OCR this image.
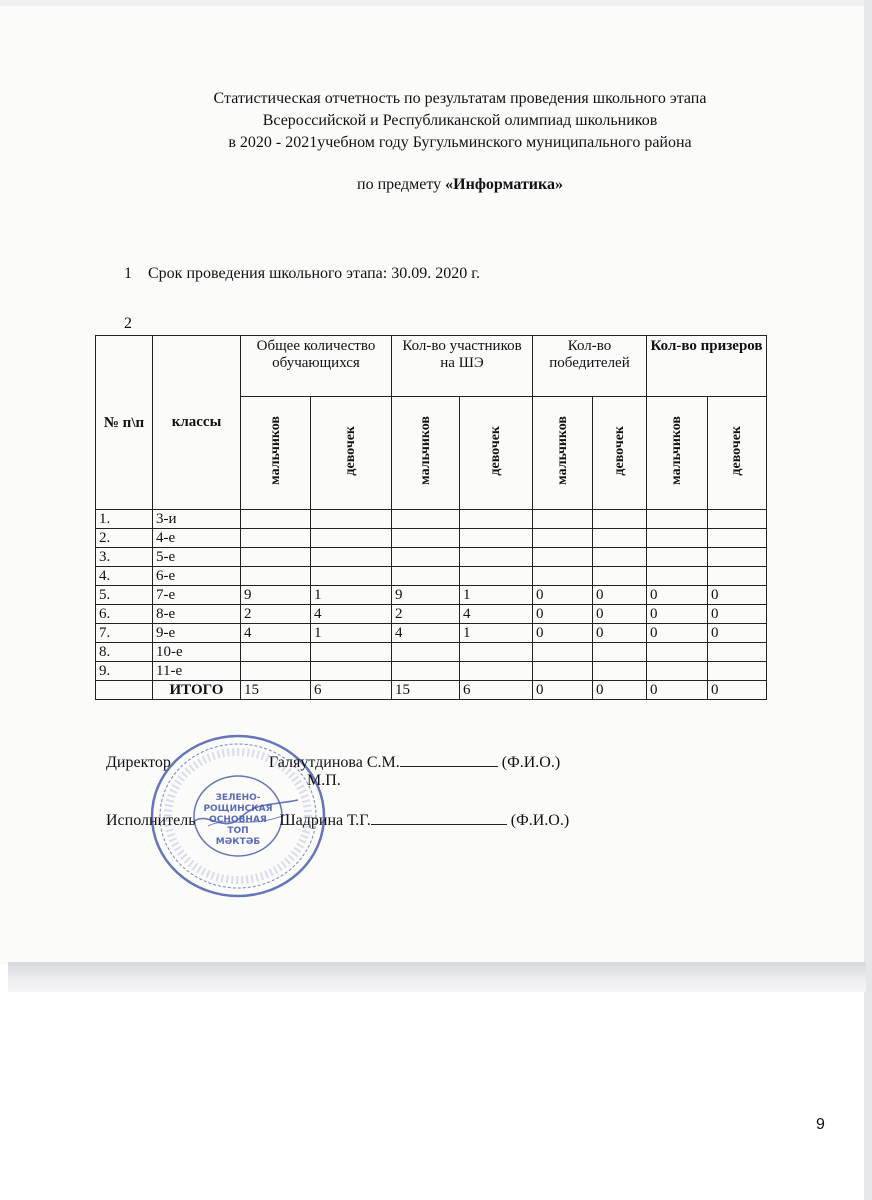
Статистическая отчетность по результатам проведения школьного этапа
Всероссийской и Республиканской олимпиад школьников
в 2020 - 2021учебном году Бугульминского муниципального района
по предмету «Информатика»
1 Срок проведения школьного этапа: 30.09. 2020 г.
2
№ п\п	классы	Общее количество обучающихся		Кол-во участников на ШЭ		Кол-во победителей		Кол-во призеров	
		мальчиков	девочек	мальчиков	девочек	мальчиков	девочек	мальчиков	девочек
1.	3-и								
2.	4-е								
3.	5-е								
4.	6-е								
5.	7-е	9	1	9	1	0	0	0	0
6.	8-е	2	4	2	4	0	0	0	0
7.	9-е	4	1	4	1	0	0	0	0
8.	10-е								
9.	11-е								
	ИТОГО	15	6	15	6	0	0	0	0
ЗЕЛЕНО-
РОЩИНСКАЯ
ОСНОВНАЯ
ТОП
МӘКТӘБ
Директор	Галяутдинова С.М.	(Ф.И.О.)
М.П.
Исполнитель	Шадрина Т.Г.	(Ф.И.О.)
9
